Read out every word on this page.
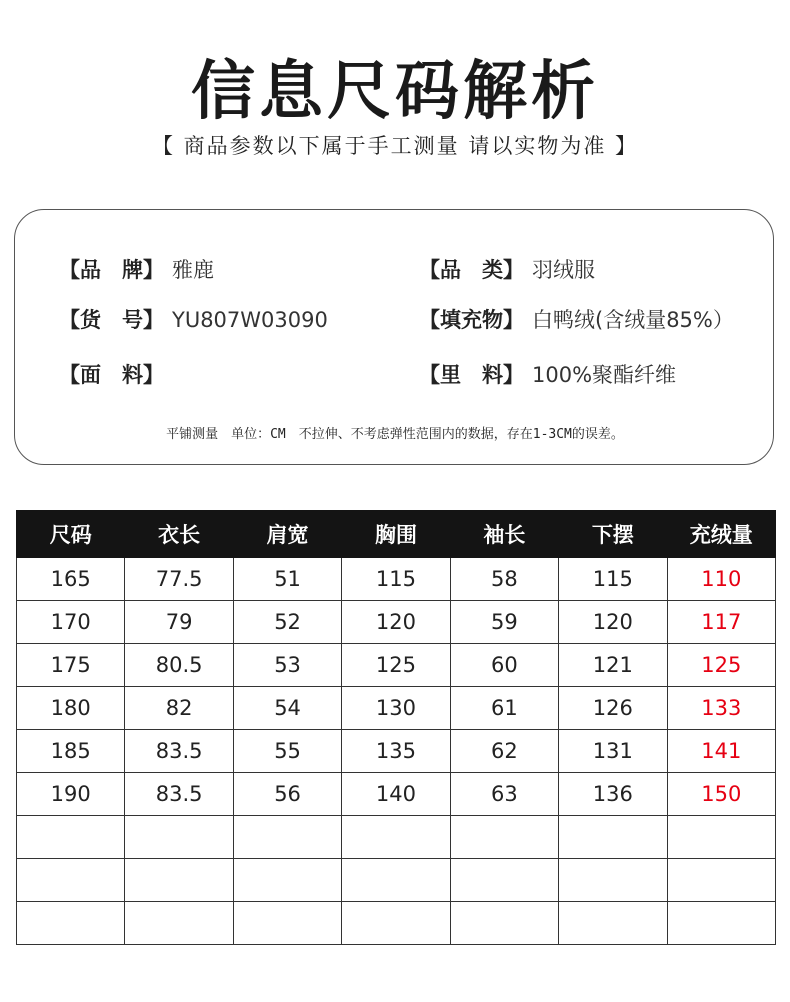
信息尺码解析
【 商品参数以下属于手工测量 请以实物为准 】
【品　牌】 雅鹿	【品　类】 羽绒服
【货　号】 YU807W03090	【填充物】 白鸭绒(含绒量85%）
【面　料】	【里　料】 100%聚酯纤维
平铺测量　单位：CM　不拉伸、不考虑弹性范围内的数据，存在1-3CM的误差。
尺码	衣长	肩宽	胸围	袖长	下摆	充绒量
165	77.5	51	115	58	115	110
170	79	52	120	59	120	117
175	80.5	53	125	60	121	125
180	82	54	130	61	126	133
185	83.5	55	135	62	131	141
190	83.5	56	140	63	136	150
